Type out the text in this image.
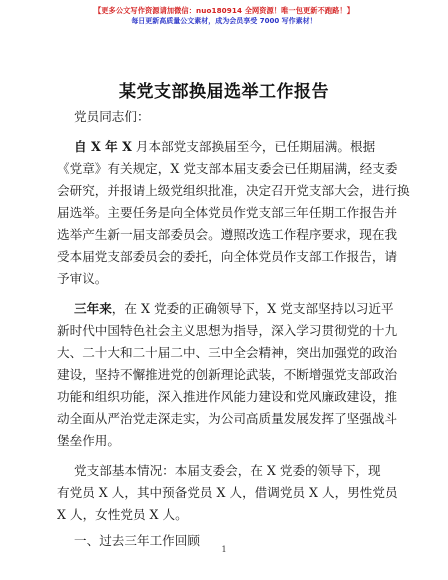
【更多公文写作资源请加微信：nuo180914 全网资源！唯一包更新不跑路！】
每日更新高质量公文素材，成为会员享受 7000 写作素材！
某党支部换届选举工作报告
党员同志们：
自 X 年 X 月本部党支部换届至今，已任期届满。根据
《党章》有关规定，X 党支部本届支委会已任期届满，经支委
会研究，并报请上级党组织批准，决定召开党支部大会，进行换
届选举。主要任务是向全体党员作党支部三年任期工作报告并
选举产生新一届支部委员会。遵照改选工作程序要求，现在我
受本届党支部委员会的委托，向全体党员作支部工作报告，请
予审议。
三年来，在 X 党委的正确领导下，X 党支部坚持以习近平
新时代中国特色社会主义思想为指导，深入学习贯彻党的十九
大、二十大和二十届二中、三中全会精神，突出加强党的政治
建设，坚持不懈推进党的创新理论武装，不断增强党支部政治
功能和组织功能，深入推进作风能力建设和党风廉政建设，推
动全面从严治党走深走实，为公司高质量发展发挥了坚强战斗
堡垒作用。
党支部基本情况：本届支委会，在 X 党委的领导下，现
有党员 X 人，其中预备党员 X 人，借调党员 X 人，男性党员
X 人，女性党员 X 人。
一、过去三年工作回顾
1
